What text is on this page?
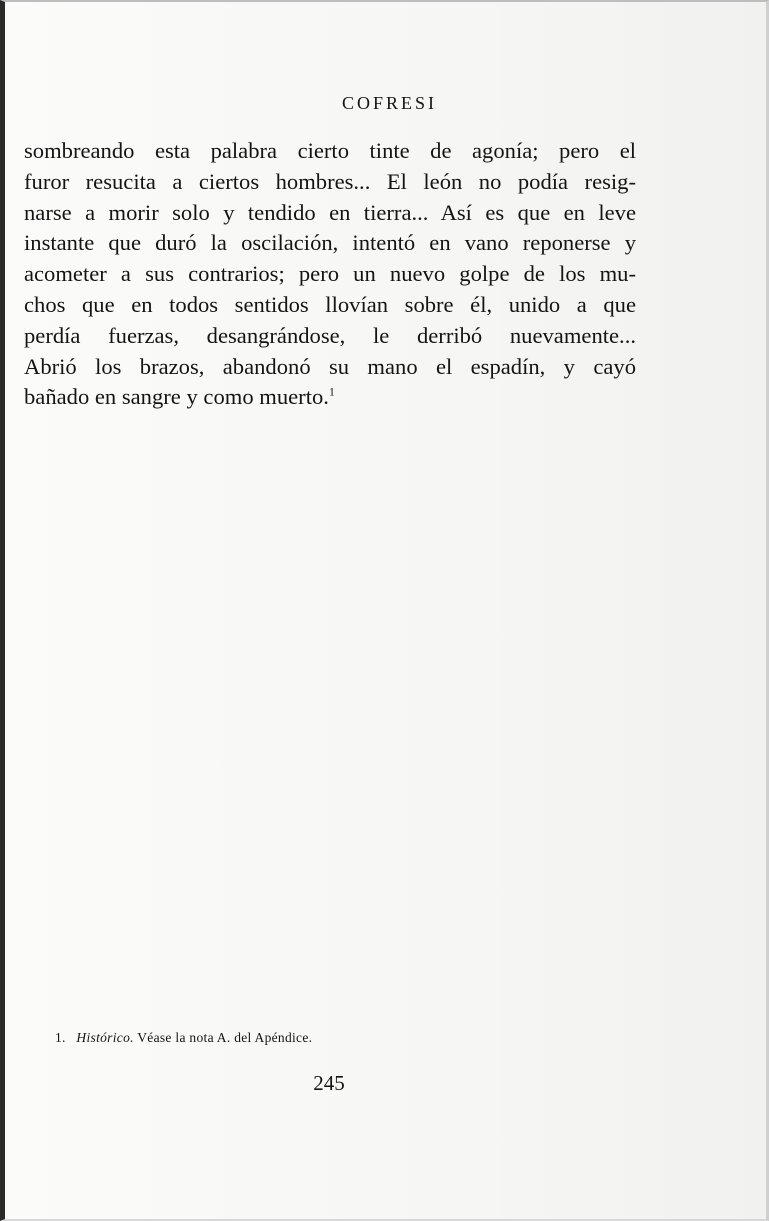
COFRESI
sombreando esta palabra cierto tinte de agonía; pero el
furor resucita a ciertos hombres... El león no podía resig-
narse a morir solo y tendido en tierra... Así es que en leve
instante que duró la oscilación, intentó en vano reponerse y
acometer a sus contrarios; pero un nuevo golpe de los mu-
chos que en todos sentidos llovían sobre él, unido a que
perdía fuerzas, desangrándose, le derribó nuevamente...
Abrió los brazos, abandonó su mano el espadín, y cayó
bañado en sangre y como muerto.$^1$
1. Histórico. Véase la nota A. del Apéndice.
245
